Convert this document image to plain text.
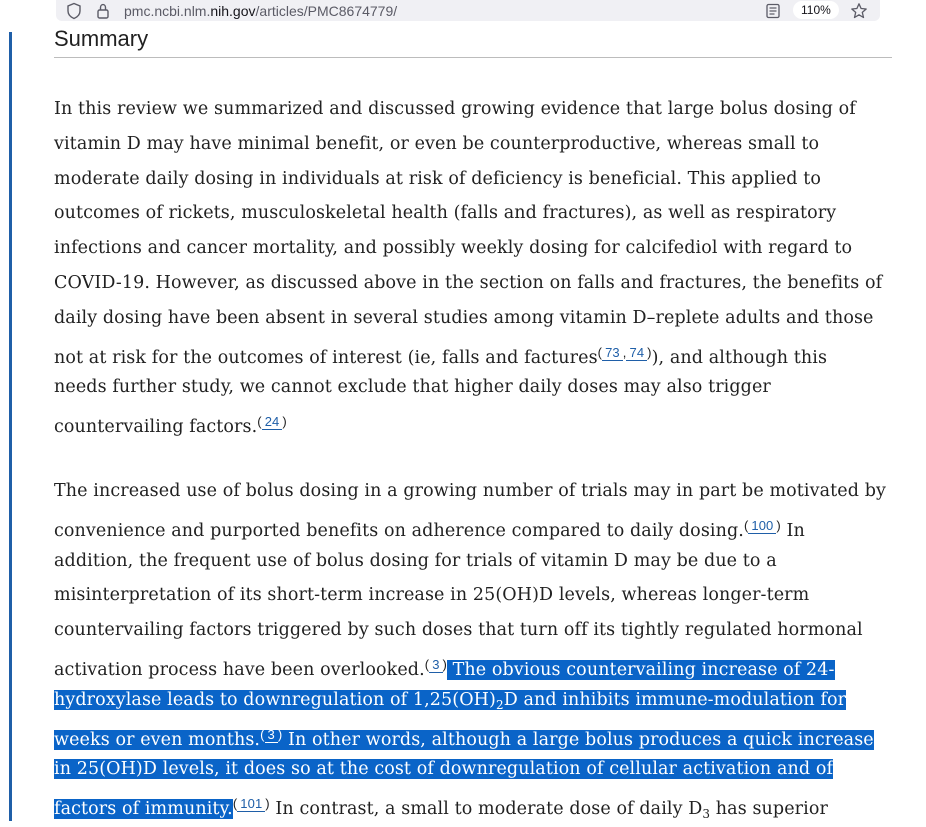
pmc.ncbi.nlm.nih.gov/articles/PMC8674779/	110%
Summary
In this review we summarized and discussed growing evidence that large bolus dosing of
vitamin D may have minimal benefit, or even be counterproductive, whereas small to
moderate daily dosing in individuals at risk of deficiency is beneficial. This applied to
outcomes of rickets, musculoskeletal health (falls and fractures), as well as respiratory
infections and cancer mortality, and possibly weekly dosing for calcifediol with regard to
COVID-19. However, as discussed above in the section on falls and fractures, the benefits of
daily dosing have been absent in several studies among vitamin D–replete adults and those
not at risk for the outcomes of interest (ie, falls and factures$^{( 73 , 74 )}$), and although this
needs further study, we cannot exclude that higher daily doses may also trigger
countervailing factors.$^{( 24 )}$
The increased use of bolus dosing in a growing number of trials may in part be motivated by
convenience and purported benefits on adherence compared to daily dosing.$^{( 100 )}$ In
addition, the frequent use of bolus dosing for trials of vitamin D may be due to a
misinterpretation of its short-term increase in 25(OH)D levels, whereas longer-term
countervailing factors triggered by such doses that turn off its tightly regulated hormonal
activation process have been overlooked.$^{( 3 )}$ The obvious countervailing increase of 24-
hydroxylase leads to downregulation of $1,25(OH)_2D$ and inhibits immune-modulation for
weeks or even months.$^{( 3 )}$ In other words, although a large bolus produces a quick increase
in 25(OH)D levels, it does so at the cost of downregulation of cellular activation and of
factors of immunity.$^{( 101 )}$ In contrast, a small to moderate dose of daily $D_3$ has superior
